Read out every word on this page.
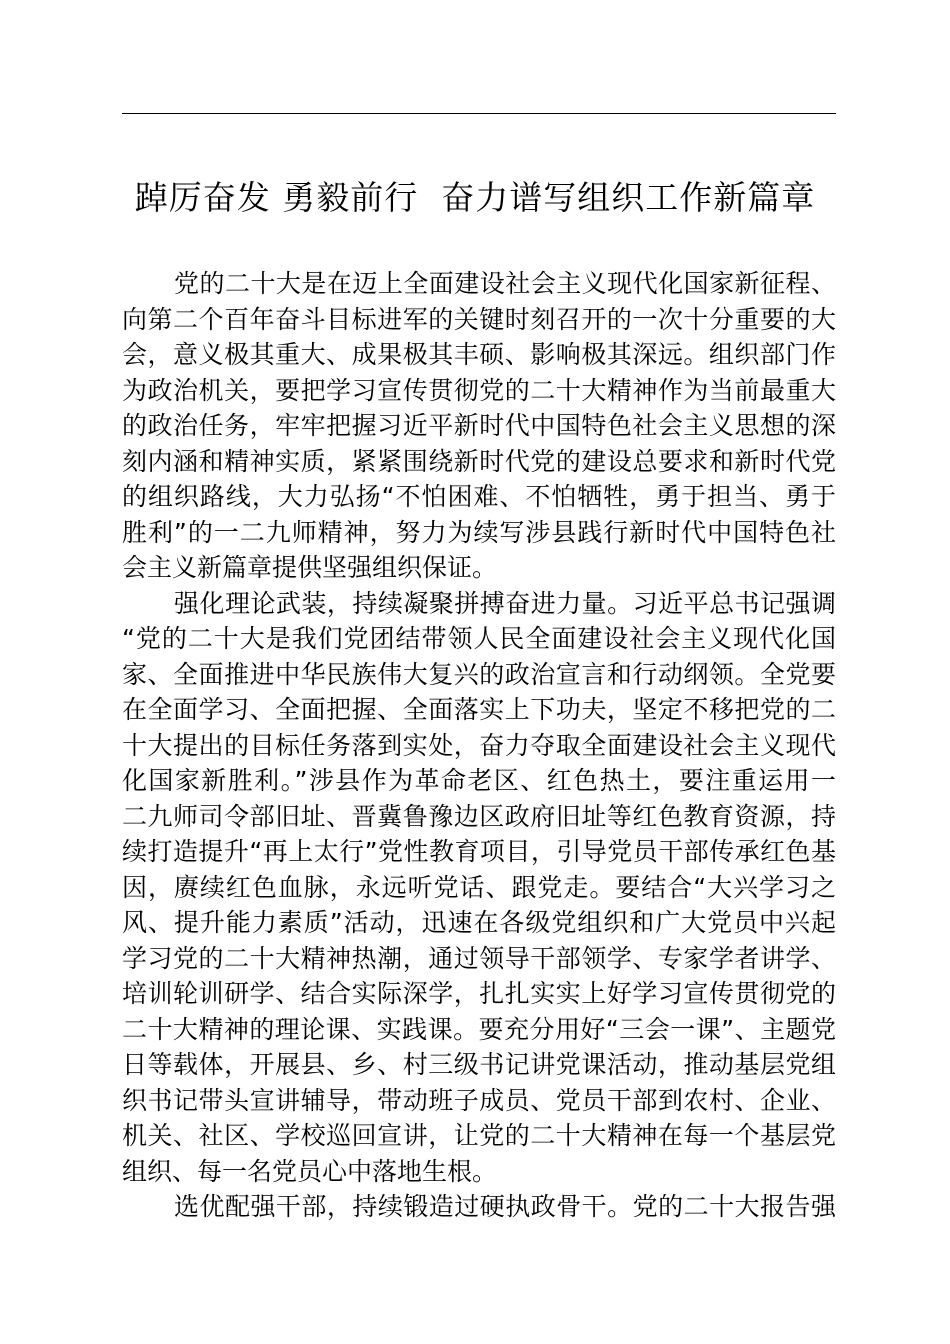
踔厉奋发 勇毅前行  奋力谱写组织工作新篇章

党的二十大是在迈上全面建设社会主义现代化国家新征程、
向第二个百年奋斗目标进军的关键时刻召开的一次十分重要的大
会，意义极其重大、成果极其丰硕、影响极其深远。组织部门作
为政治机关，要把学习宣传贯彻党的二十大精神作为当前最重大
的政治任务，牢牢把握习近平新时代中国特色社会主义思想的深
刻内涵和精神实质，紧紧围绕新时代党的建设总要求和新时代党
的组织路线，大力弘扬“不怕困难、不怕牺牲，勇于担当、勇于
胜利”的一二九师精神，努力为续写涉县践行新时代中国特色社
会主义新篇章提供坚强组织保证。

强化理论武装，持续凝聚拼搏奋进力量。习近平总书记强调
“党的二十大是我们党团结带领人民全面建设社会主义现代化国
家、全面推进中华民族伟大复兴的政治宣言和行动纲领。全党要
在全面学习、全面把握、全面落实上下功夫，坚定不移把党的二
十大提出的目标任务落到实处，奋力夺取全面建设社会主义现代
化国家新胜利。”涉县作为革命老区、红色热土，要注重运用一
二九师司令部旧址、晋冀鲁豫边区政府旧址等红色教育资源，持
续打造提升“再上太行”党性教育项目，引导党员干部传承红色基
因，赓续红色血脉，永远听党话、跟党走。要结合“大兴学习之
风、提升能力素质”活动，迅速在各级党组织和广大党员中兴起
学习党的二十大精神热潮，通过领导干部领学、专家学者讲学、
培训轮训研学、结合实际深学，扎扎实实上好学习宣传贯彻党的
二十大精神的理论课、实践课。要充分用好“三会一课”、主题党
日等载体，开展县、乡、村三级书记讲党课活动，推动基层党组
织书记带头宣讲辅导，带动班子成员、党员干部到农村、企业、
机关、社区、学校巡回宣讲，让党的二十大精神在每一个基层党
组织、每一名党员心中落地生根。

选优配强干部，持续锻造过硬执政骨干。党的二十大报告强
